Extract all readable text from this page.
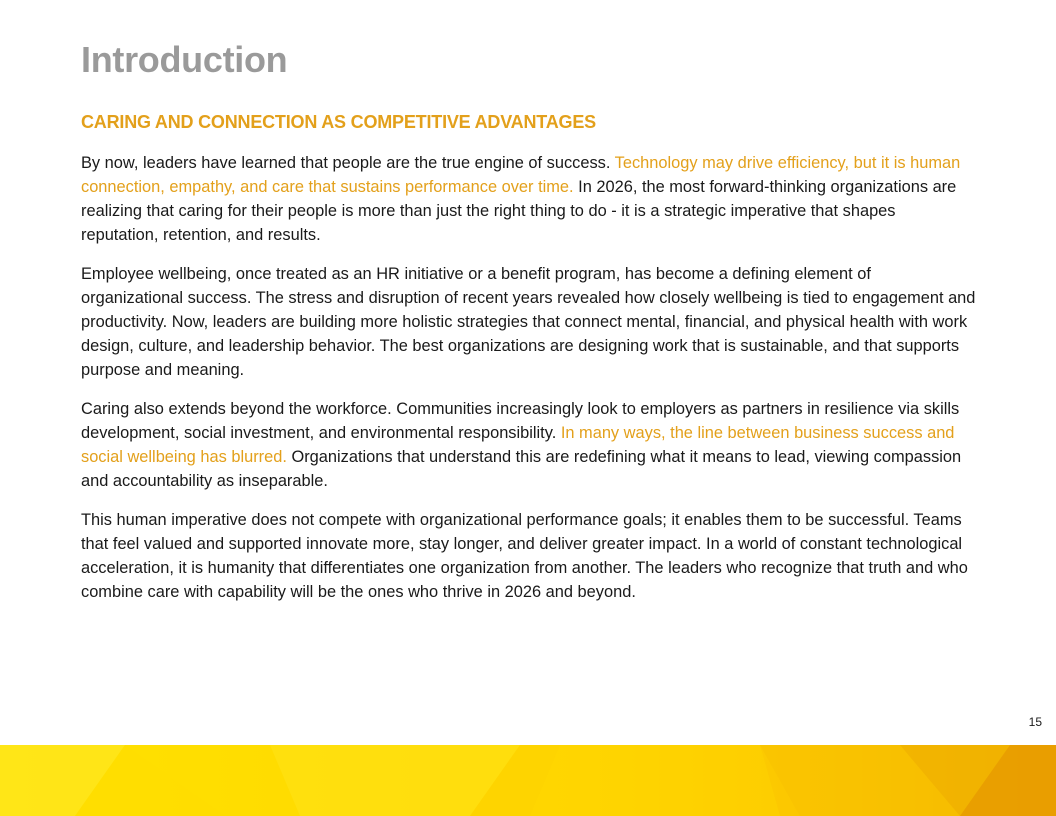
Introduction
CARING AND CONNECTION AS COMPETITIVE ADVANTAGES

By now, leaders have learned that people are the true engine of success. Technology may drive efficiency, but it is human connection, empathy, and care that sustains performance over time. In 2026, the most forward-thinking organizations are realizing that caring for their people is more than just the right thing to do - it is a strategic imperative that shapes reputation, retention, and results.

Employee wellbeing, once treated as an HR initiative or a benefit program, has become a defining element of organizational success. The stress and disruption of recent years revealed how closely wellbeing is tied to engagement and productivity. Now, leaders are building more holistic strategies that connect mental, financial, and physical health with work design, culture, and leadership behavior. The best organizations are designing work that is sustainable, and that supports purpose and meaning.

Caring also extends beyond the workforce. Communities increasingly look to employers as partners in resilience via skills development, social investment, and environmental responsibility. In many ways, the line between business success and social wellbeing has blurred. Organizations that understand this are redefining what it means to lead, viewing compassion and accountability as inseparable.

This human imperative does not compete with organizational performance goals; it enables them to be successful. Teams that feel valued and supported innovate more, stay longer, and deliver greater impact. In a world of constant technological acceleration, it is humanity that differentiates one organization from another. The leaders who recognize that truth and who combine care with capability will be the ones who thrive in 2026 and beyond.

15
